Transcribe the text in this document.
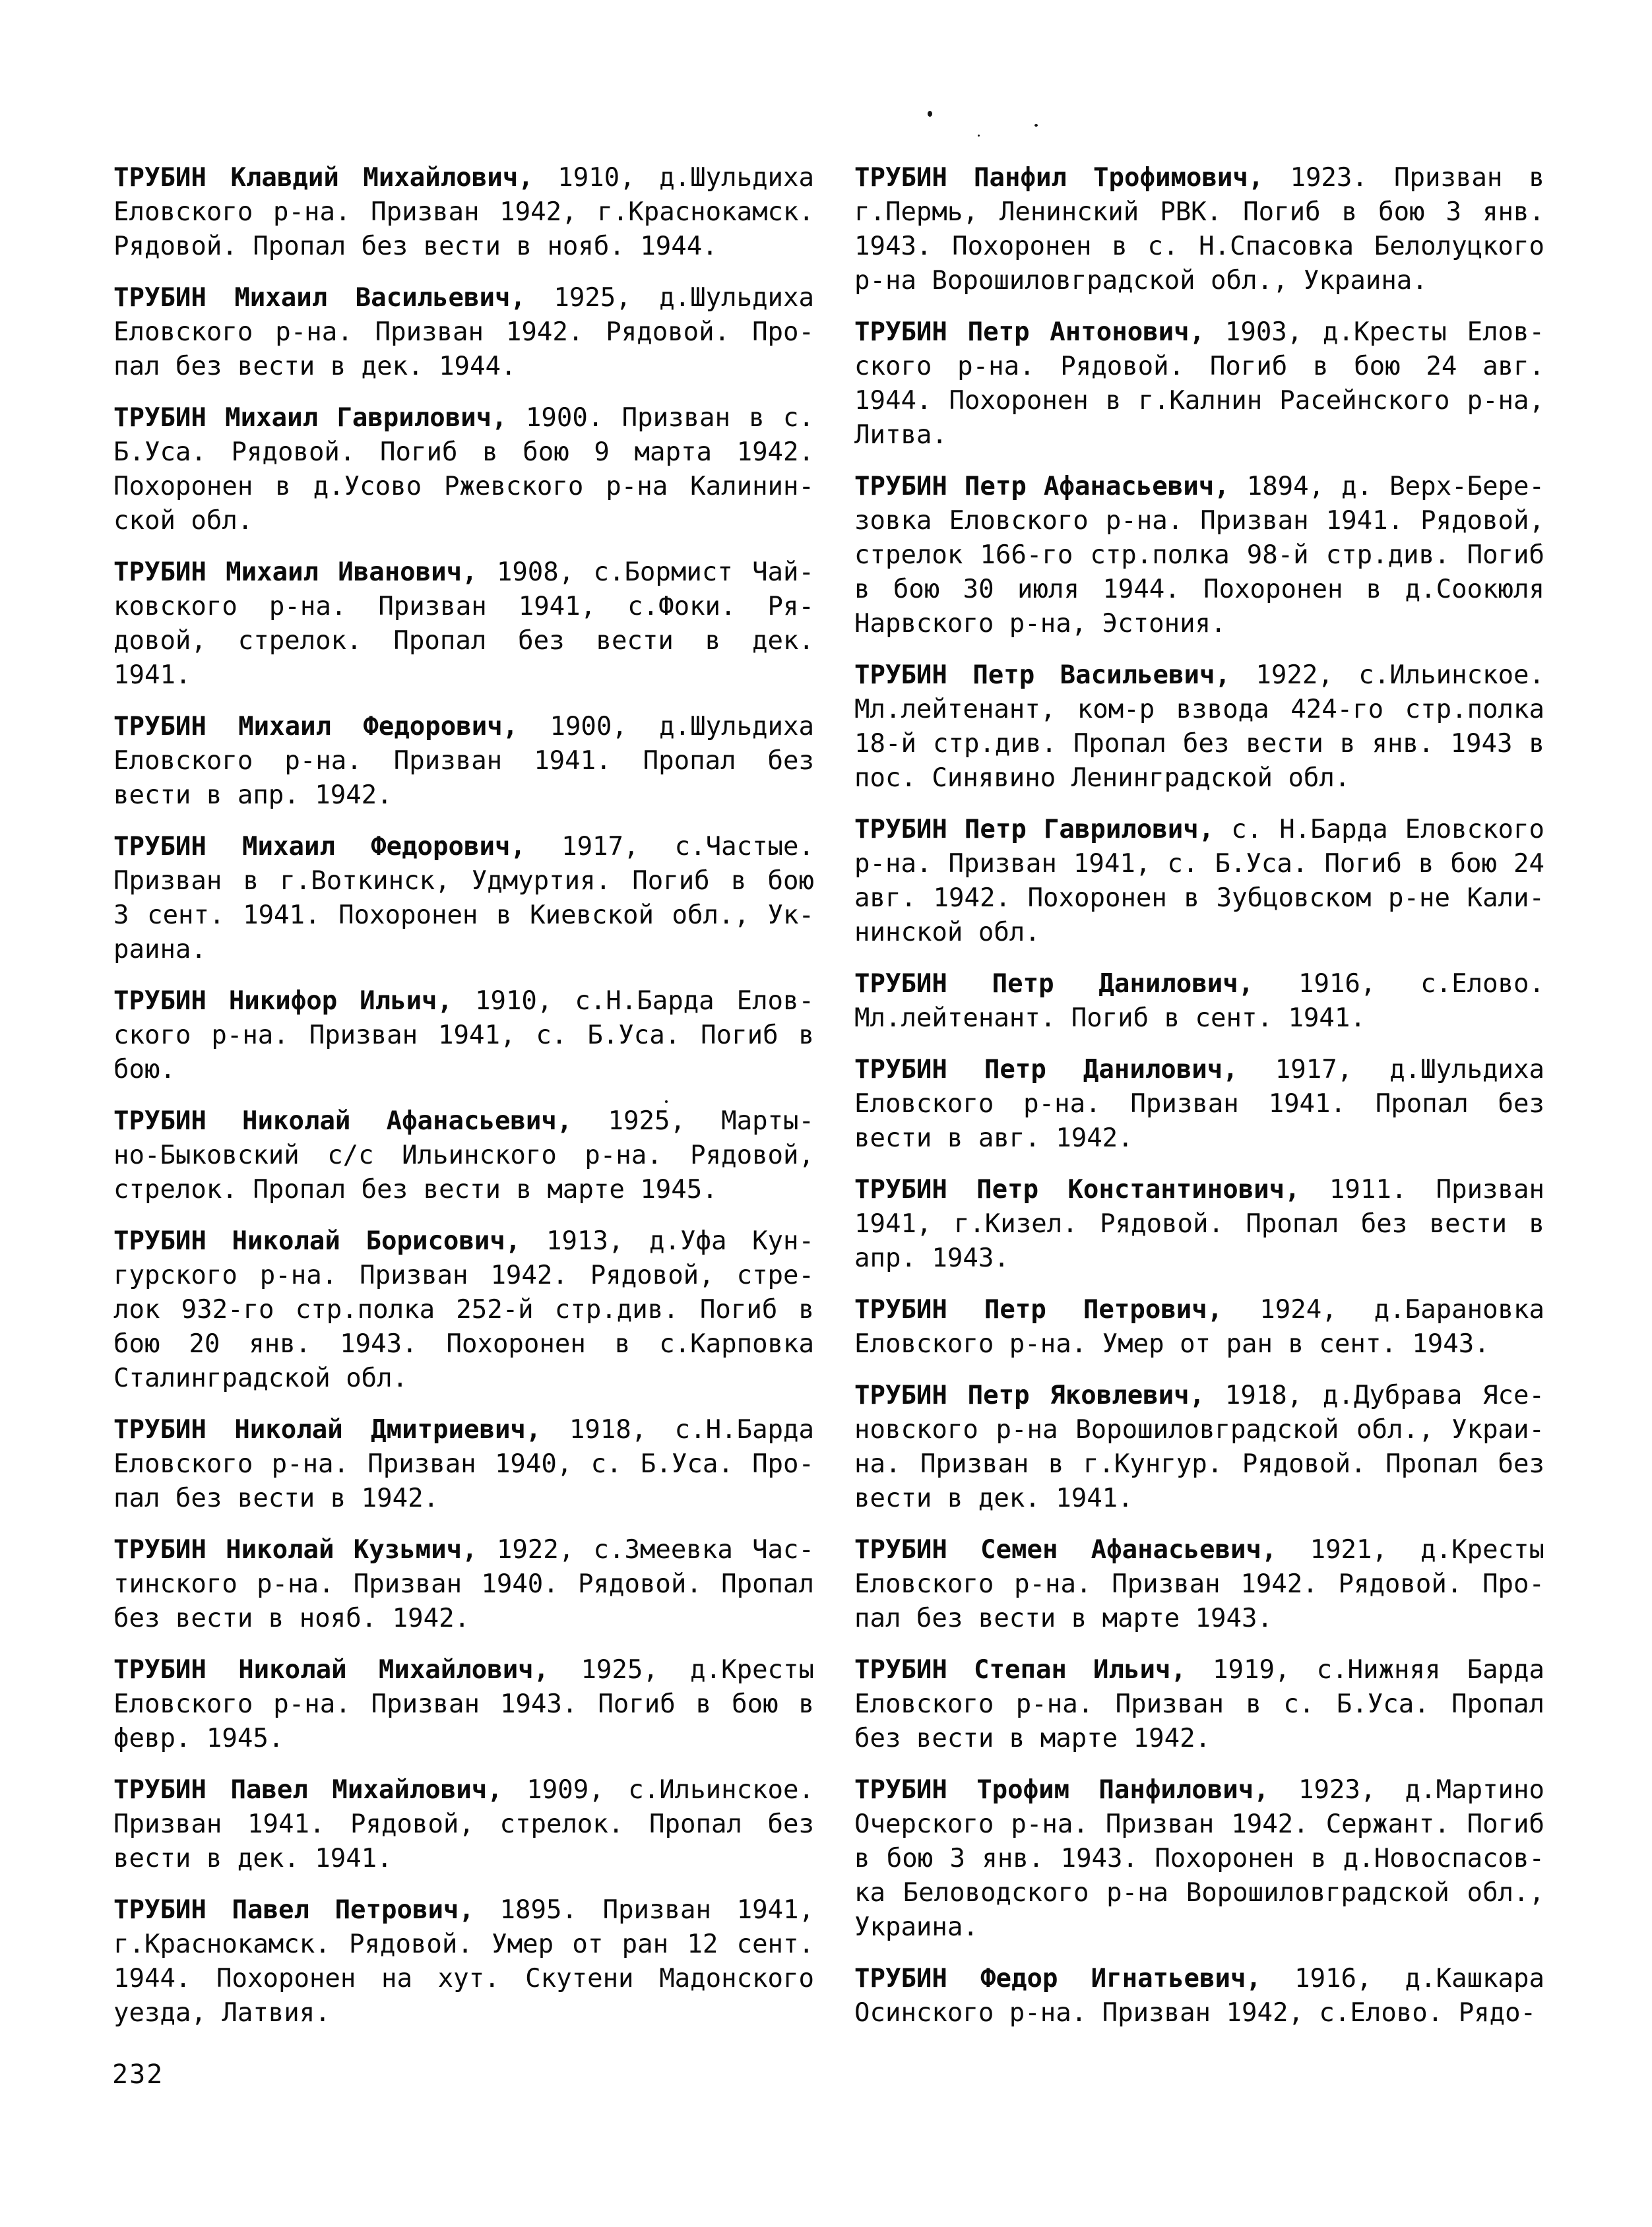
ТРУБИН Клавдий Михайлович, 1910, д.Шульдиха
Еловского р-на. Призван 1942, г.Краснокамск.
Рядовой. Пропал без вести в нояб. 1944.
ТРУБИН Михаил Васильевич, 1925, д.Шульдиха
Еловского р-на. Призван 1942. Рядовой. Про-
пал без вести в дек. 1944.
ТРУБИН Михаил Гаврилович, 1900. Призван в с.
Б.Уса. Рядовой. Погиб в бою 9 марта 1942.
Похоронен в д.Усово Ржевского р-на Калинин-
ской обл.
ТРУБИН Михаил Иванович, 1908, с.Бормист Чай-
ковского р-на. Призван 1941, с.Фоки. Ря-
довой, стрелок. Пропал без вести в дек.
1941.
ТРУБИН Михаил Федорович, 1900, д.Шульдиха
Еловского р-на. Призван 1941. Пропал без
вести в апр. 1942.
ТРУБИН Михаил Федорович, 1917, с.Частые.
Призван в г.Воткинск, Удмуртия. Погиб в бою
3 сент. 1941. Похоронен в Киевской обл., Ук-
раина.
ТРУБИН Никифор Ильич, 1910, с.Н.Барда Елов-
ского р-на. Призван 1941, с. Б.Уса. Погиб в
бою.
ТРУБИН Николай Афанасьевич, 1925, Марты-
но-Быковский с/с Ильинского р-на. Рядовой,
стрелок. Пропал без вести в марте 1945.
ТРУБИН Николай Борисович, 1913, д.Уфа Кун-
гурского р-на. Призван 1942. Рядовой, стре-
лок 932-го стр.полка 252-й стр.див. Погиб в
бою 20 янв. 1943. Похоронен в с.Карповка
Сталинградской обл.
ТРУБИН Николай Дмитриевич, 1918, с.Н.Барда
Еловского р-на. Призван 1940, с. Б.Уса. Про-
пал без вести в 1942.
ТРУБИН Николай Кузьмич, 1922, с.Змеевка Час-
тинского р-на. Призван 1940. Рядовой. Пропал
без вести в нояб. 1942.
ТРУБИН Николай Михайлович, 1925, д.Кресты
Еловского р-на. Призван 1943. Погиб в бою в
февр. 1945.
ТРУБИН Павел Михайлович, 1909, с.Ильинское.
Призван 1941. Рядовой, стрелок. Пропал без
вести в дек. 1941.
ТРУБИН Павел Петрович, 1895. Призван 1941,
г.Краснокамск. Рядовой. Умер от ран 12 сент.
1944. Похоронен на хут. Скутени Мадонского
уезда, Латвия.
ТРУБИН Панфил Трофимович, 1923. Призван в
г.Пермь, Ленинский РВК. Погиб в бою 3 янв.
1943. Похоронен в с. Н.Спасовка Белолуцкого
р-на Ворошиловградской обл., Украина.
ТРУБИН Петр Антонович, 1903, д.Кресты Елов-
ского р-на. Рядовой. Погиб в бою 24 авг.
1944. Похоронен в г.Калнин Расейнского р-на,
Литва.
ТРУБИН Петр Афанасьевич, 1894, д. Верх-Бере-
зовка Еловского р-на. Призван 1941. Рядовой,
стрелок 166-го стр.полка 98-й стр.див. Погиб
в бою 30 июля 1944. Похоронен в д.Соокюля
Нарвского р-на, Эстония.
ТРУБИН Петр Васильевич, 1922, с.Ильинское.
Мл.лейтенант, ком-р взвода 424-го стр.полка
18-й стр.див. Пропал без вести в янв. 1943 в
пос. Синявино Ленинградской обл.
ТРУБИН Петр Гаврилович, с. Н.Барда Еловского
р-на. Призван 1941, с. Б.Уса. Погиб в бою 24
авг. 1942. Похоронен в Зубцовском р-не Кали-
нинской обл.
ТРУБИН Петр Данилович, 1916, с.Елово.
Мл.лейтенант. Погиб в сент. 1941.
ТРУБИН Петр Данилович, 1917, д.Шульдиха
Еловского р-на. Призван 1941. Пропал без
вести в авг. 1942.
ТРУБИН Петр Константинович, 1911. Призван
1941, г.Кизел. Рядовой. Пропал без вести в
апр. 1943.
ТРУБИН Петр Петрович, 1924, д.Барановка
Еловского р-на. Умер от ран в сент. 1943.
ТРУБИН Петр Яковлевич, 1918, д.Дубрава Ясе-
новского р-на Ворошиловградской обл., Украи-
на. Призван в г.Кунгур. Рядовой. Пропал без
вести в дек. 1941.
ТРУБИН Семен Афанасьевич, 1921, д.Кресты
Еловского р-на. Призван 1942. Рядовой. Про-
пал без вести в марте 1943.
ТРУБИН Степан Ильич, 1919, с.Нижняя Барда
Еловского р-на. Призван в с. Б.Уса. Пропал
без вести в марте 1942.
ТРУБИН Трофим Панфилович, 1923, д.Мартино
Очерского р-на. Призван 1942. Сержант. Погиб
в бою 3 янв. 1943. Похоронен в д.Новоспасов-
ка Беловодского р-на Ворошиловградской обл.,
Украина.
ТРУБИН Федор Игнатьевич, 1916, д.Кашкара
Осинского р-на. Призван 1942, с.Елово. Рядо-
232
